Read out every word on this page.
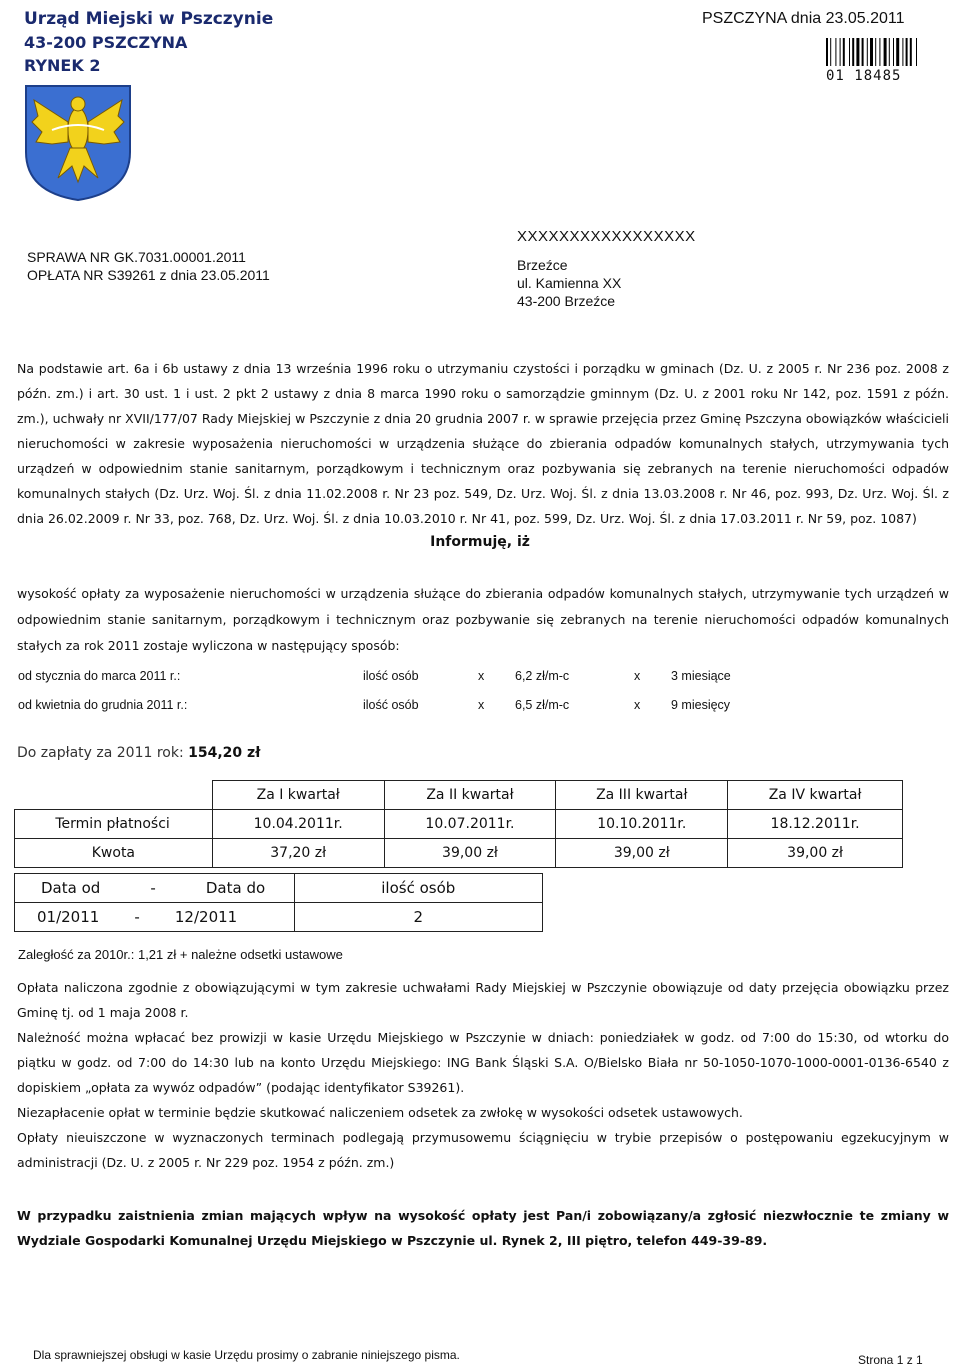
Urząd Miejski w Pszczynie
43-200 PSZCZYNA
RYNEK 2
PSZCZYNA dnia 23.05.2011
01 18485
SPRAWA NR GK.7031.00001.2011
OPŁATA NR S39261 z dnia 23.05.2011
XXXXXXXXXXXXXXXXX
Brzeźce
ul. Kamienna XX
43-200 Brzeźce
Na podstawie art. 6a i 6b ustawy z dnia 13 września 1996 roku o utrzymaniu czystości i porządku w gminach (Dz. U. z 2005 r. Nr 236 poz. 2008 z późn. zm.) i art. 30 ust. 1 i ust. 2 pkt 2 ustawy z dnia 8 marca 1990 roku o samorządzie gminnym (Dz. U. z 2001 roku Nr 142, poz. 1591 z późn. zm.), uchwały nr XVII/177/07 Rady Miejskiej w Pszczynie z dnia 20 grudnia 2007 r. w sprawie przejęcia przez Gminę Pszczyna obowiązków właścicieli nieruchomości w zakresie wyposażenia nieruchomości w urządzenia służące do zbierania odpadów komunalnych stałych, utrzymywania tych urządzeń w odpowiednim stanie sanitarnym, porządkowym i technicznym oraz pozbywania się zebranych na terenie nieruchomości odpadów komunalnych stałych (Dz. Urz. Woj. Śl. z dnia 11.02.2008 r. Nr 23 poz. 549, Dz. Urz. Woj. Śl. z dnia 13.03.2008 r. Nr 46, poz. 993, Dz. Urz. Woj. Śl. z dnia 26.02.2009 r. Nr 33, poz. 768, Dz. Urz. Woj. Śl. z dnia 10.03.2010 r. Nr 41, poz. 599, Dz. Urz. Woj. Śl. z dnia 17.03.2011 r. Nr 59, poz. 1087)
Informuję, iż
wysokość opłaty za wyposażenie nieruchomości w urządzenia służące do zbierania odpadów komunalnych stałych, utrzymywanie tych urządzeń w odpowiednim stanie sanitarnym, porządkowym i technicznym oraz pozbywanie się zebranych na terenie nieruchomości odpadów komunalnych stałych za rok 2011 zostaje wyliczona w następujący sposób:
od stycznia do marca 2011 r.:	ilość osób	x 6,2 zł/m-c	x 3 miesiące
od kwietnia do grudnia 2011 r.:	ilość osób	x 6,5 zł/m-c	x 9 miesięcy
Do zapłaty za 2011 rok: 154,20 zł
	Za I kwartał	Za II kwartał	Za III kwartał	Za IV kwartał
Termin płatności	10.04.2011r.	10.07.2011r.	10.10.2011r.	18.12.2011r.
Kwota	37,20 zł	39,00 zł	39,00 zł	39,00 zł
Data od - Data do	ilość osób
01/2011 - 12/2011	2
Zaległość za 2010r.: 1,21 zł + należne odsetki ustawowe
Opłata naliczona zgodnie z obowiązującymi w tym zakresie uchwałami Rady Miejskiej w Pszczynie obowiązuje od daty przejęcia obowiązku przez Gminę tj. od 1 maja 2008 r.
Należność można wpłacać bez prowizji w kasie Urzędu Miejskiego w Pszczynie w dniach: poniedziałek w godz. od 7:00 do 15:30, od wtorku do piątku w godz. od 7:00 do 14:30 lub na konto Urzędu Miejskiego: ING Bank Śląski S.A. O/Bielsko Biała nr 50-1050-1070-1000-0001-0136-6540 z dopiskiem „opłata za wywóz odpadów” (podając identyfikator S39261).
Niezapłacenie opłat w terminie będzie skutkować naliczeniem odsetek za zwłokę w wysokości odsetek ustawowych.
Opłaty nieuiszczone w wyznaczonych terminach podlegają przymusowemu ściągnięciu w trybie przepisów o postępowaniu egzekucyjnym w administracji (Dz. U. z 2005 r. Nr 229 poz. 1954 z późn. zm.)
W przypadku zaistnienia zmian mających wpływ na wysokość opłaty jest Pan/i zobowiązany/a zgłosić niezwłocznie te zmiany w Wydziale Gospodarki Komunalnej Urzędu Miejskiego w Pszczynie ul. Rynek 2, III piętro, telefon 449-39-89.
Dla sprawniejszej obsługi w kasie Urzędu prosimy o zabranie niniejszego pisma.	Strona 1 z 1
